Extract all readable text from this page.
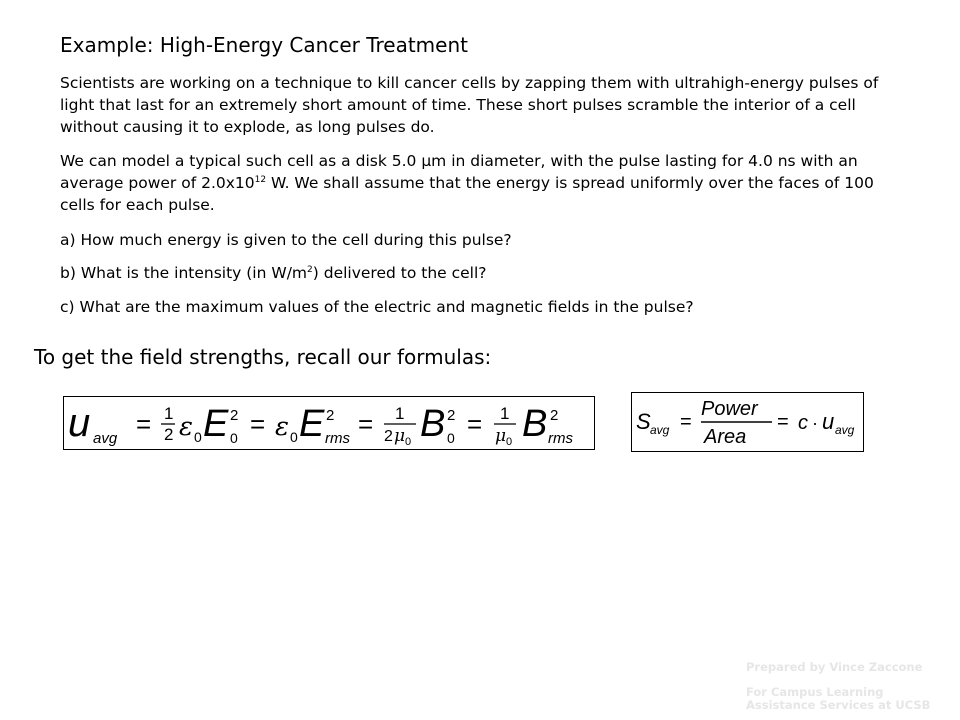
Example: High-Energy Cancer Treatment
Scientists are working on a technique to kill cancer cells by zapping them with ultrahigh-energy pulses of light that last for an extremely short amount of time. These short pulses scramble the interior of a cell without causing it to explode, as long pulses do.
We can model a typical such cell as a disk 5.0 μm in diameter, with the pulse lasting for 4.0 ns with an average power of $2.0x10^{12}$ W. We shall assume that the energy is spread uniformly over the faces of 100 cells for each pulse.
a) How much energy is given to the cell during this pulse?
b) What is the intensity (in $W/m^2$) delivered to the cell?
c) What are the maximum values of the electric and magnetic fields in the pulse?
To get the field strengths, recall our formulas:
u avg = 1
2 ε 0 E 2
0 = ε 0 E 2
rms = 1
2 μ 0 B 2
0 = 1
μ 0 B 2
rms
S avg =
Power
Area
= c · u avg
Prepared by Vince Zaccone
For Campus Learning
Assistance Services at UCSB
